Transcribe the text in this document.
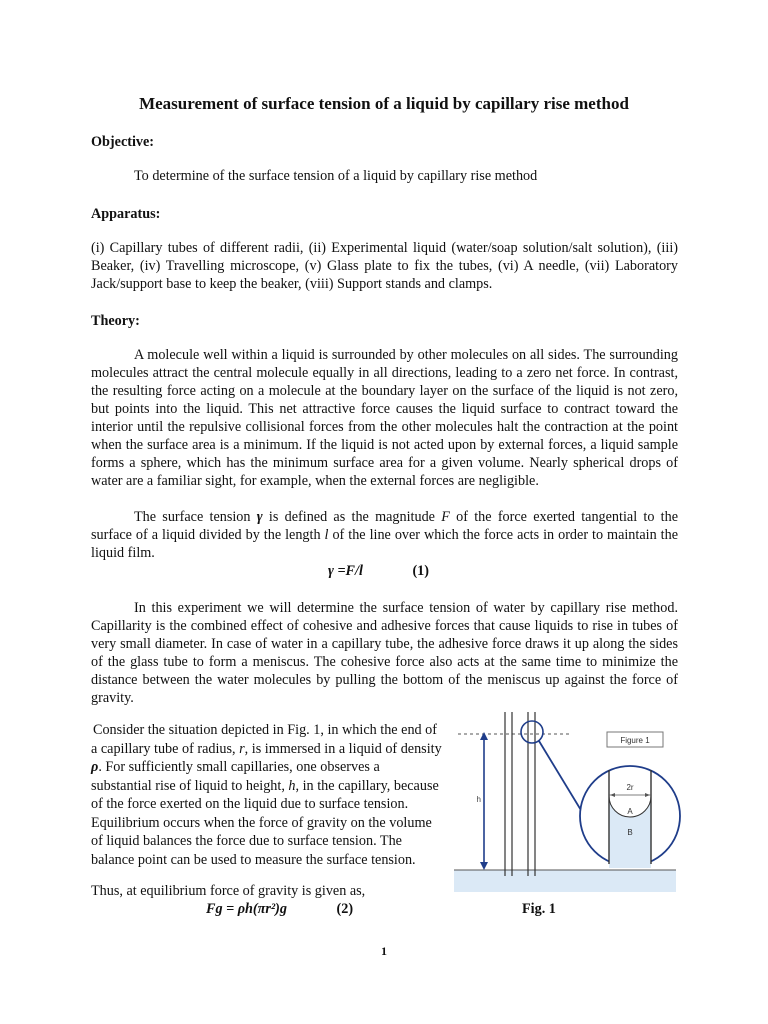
Measurement of surface tension of a liquid by capillary rise method
Objective:
To determine of the surface tension of a liquid by capillary rise method
Apparatus:
(i) Capillary tubes of different radii, (ii) Experimental liquid (water/soap solution/salt solution), (iii) Beaker, (iv) Travelling microscope, (v) Glass plate to fix the tubes, (vi) A needle, (vii) Laboratory Jack/support base to keep the beaker, (viii) Support stands and clamps.
Theory:
A molecule well within a liquid is surrounded by other molecules on all sides. The surrounding molecules attract the central molecule equally in all directions, leading to a zero net force. In contrast, the resulting force acting on a molecule at the boundary layer on the surface of the liquid is not zero, but points into the liquid. This net attractive force causes the liquid surface to contract toward the interior until the repulsive collisional forces from the other molecules halt the contraction at the point when the surface area is a minimum. If the liquid is not acted upon by external forces, a liquid sample forms a sphere, which has the minimum surface area for a given volume. Nearly spherical drops of water are a familiar sight, for example, when the external forces are negligible.
The surface tension γ is defined as the magnitude F of the force exerted tangential to the surface of a liquid divided by the length l of the line over which the force acts in order to maintain the liquid film.
γ =F/l	(1)
In this experiment we will determine the surface tension of water by capillary rise method. Capillarity is the combined effect of cohesive and adhesive forces that cause liquids to rise in tubes of very small diameter. In case of water in a capillary tube, the adhesive force draws it up along the sides of the glass tube to form a meniscus. The cohesive force also acts at the same time to minimize the distance between the water molecules by pulling the bottom of the meniscus up against the force of gravity.
Consider the situation depicted in Fig. 1, in which the end of a capillary tube of radius, r, is immersed in a liquid of density ρ. For sufficiently small capillaries, one observes a substantial rise of liquid to height, h, in the capillary, because of the force exerted on the liquid due to surface tension. Equilibrium occurs when the force of gravity on the volume of liquid balances the force due to surface tension. The balance point can be used to measure the surface tension.
Thus, at equilibrium force of gravity is given as,
Fg = ρh(πr²)g	(2)
h
2r
A
B
Figure 1
Fig. 1
1
